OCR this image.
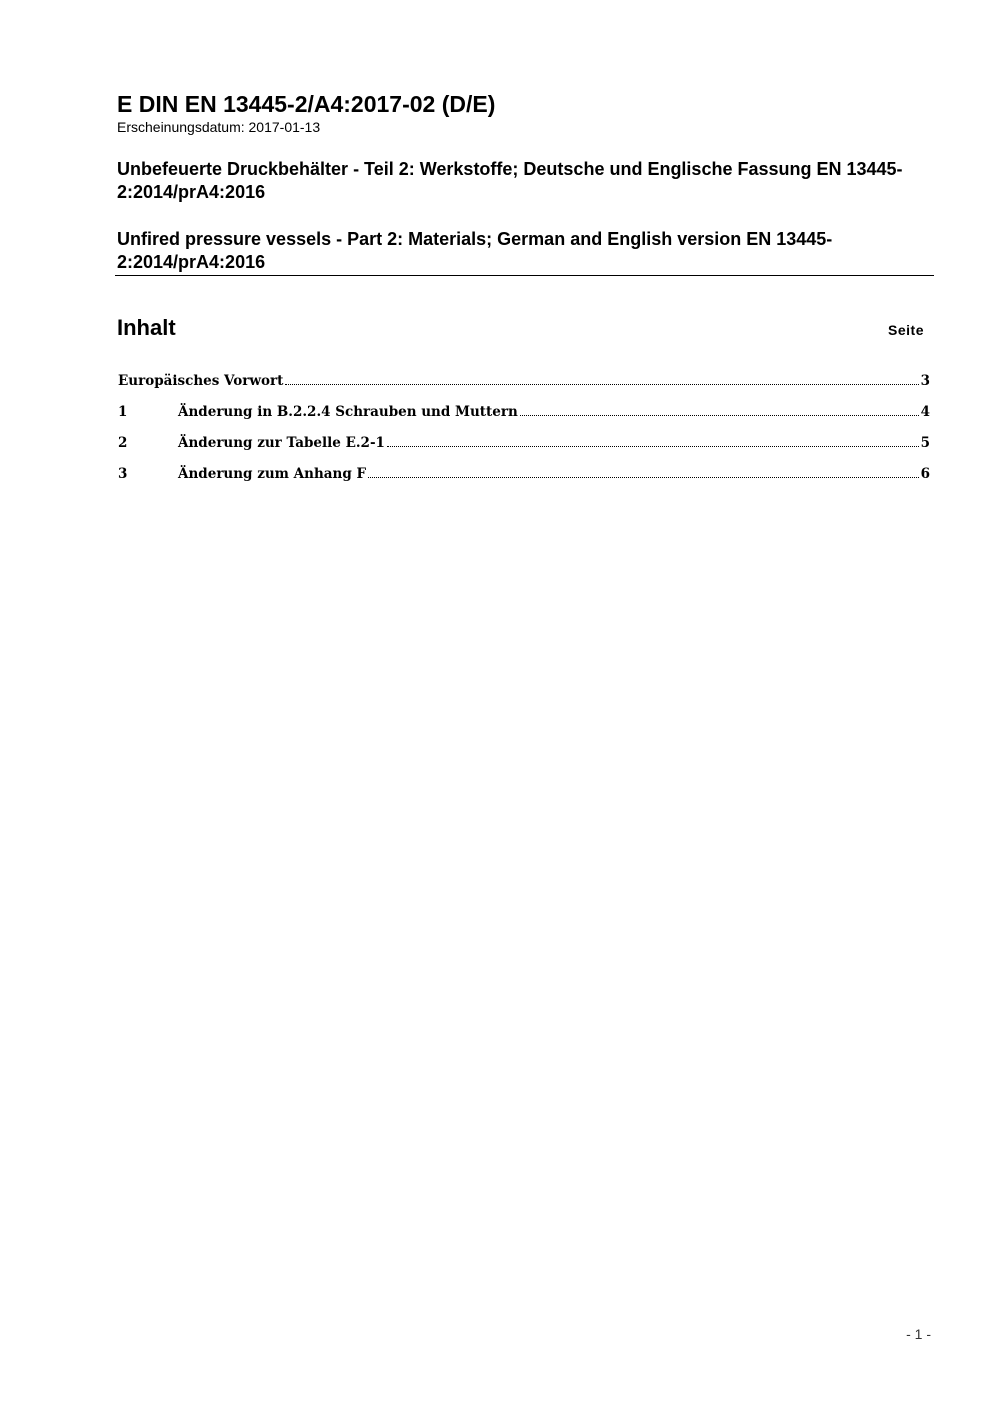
E DIN EN 13445-2/A4:2017-02 (D/E)

Erscheinungsdatum: 2017-01-13

Unbefeuerte Druckbehälter - Teil 2: Werkstoffe; Deutsche und Englische Fassung EN 13445-2:2014/prA4:2016

Unfired pressure vessels - Part 2: Materials; German and English version EN 13445-2:2014/prA4:2016

Inhalt	Seite
Europäisches Vorwort	3
1	Änderung in B.2.2.4 Schrauben und Muttern	4
2	Änderung zur Tabelle E.2-1	5
3	Änderung zum Anhang F	6
- 1 -
